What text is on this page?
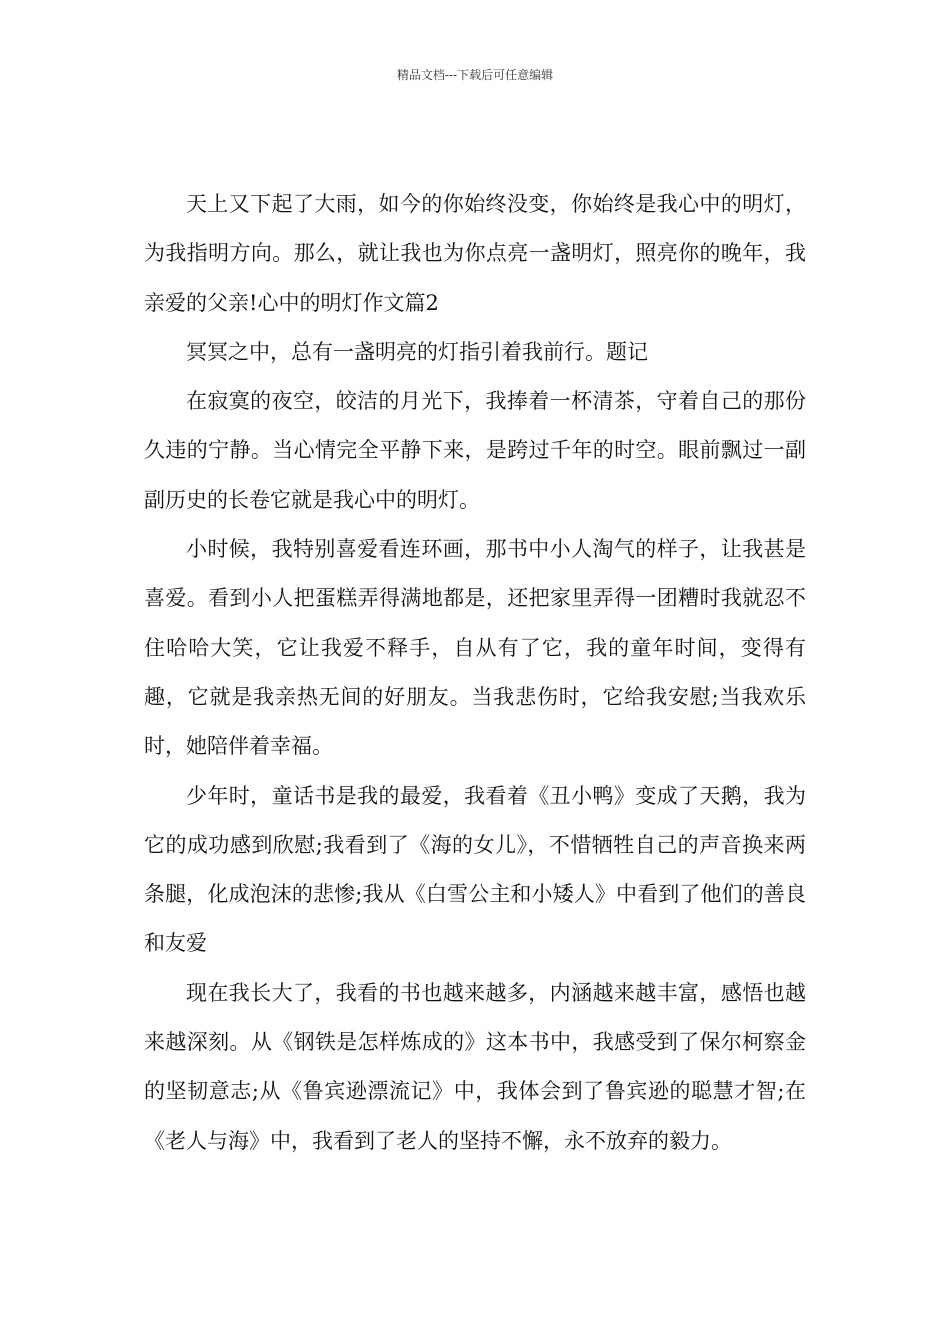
精品文档---下载后可任意编辑

天上又下起了大雨，如今的你始终没变，你始终是我心中的明灯，为我指明方向。那么，就让我也为你点亮一盏明灯，照亮你的晚年，我亲爱的父亲!心中的明灯作文篇2

冥冥之中，总有一盏明亮的灯指引着我前行。题记

在寂寞的夜空，皎洁的月光下，我捧着一杯清茶，守着自己的那份久违的宁静。当心情完全平静下来，是跨过千年的时空。眼前飘过一副副历史的长卷它就是我心中的明灯。

小时候，我特别喜爱看连环画，那书中小人淘气的样子，让我甚是喜爱。看到小人把蛋糕弄得满地都是，还把家里弄得一团糟时我就忍不住哈哈大笑，它让我爱不释手，自从有了它，我的童年时间，变得有趣，它就是我亲热无间的好朋友。当我悲伤时，它给我安慰;当我欢乐时，她陪伴着幸福。

少年时，童话书是我的最爱，我看着《丑小鸭》变成了天鹅，我为它的成功感到欣慰;我看到了《海的女儿》，不惜牺牲自己的声音换来两条腿，化成泡沫的悲惨;我从《白雪公主和小矮人》中看到了他们的善良和友爱

现在我长大了，我看的书也越来越多，内涵越来越丰富，感悟也越来越深刻。从《钢铁是怎样炼成的》这本书中，我感受到了保尔柯察金的坚韧意志;从《鲁宾逊漂流记》中，我体会到了鲁宾逊的聪慧才智;在《老人与海》中，我看到了老人的坚持不懈，永不放弃的毅力。
